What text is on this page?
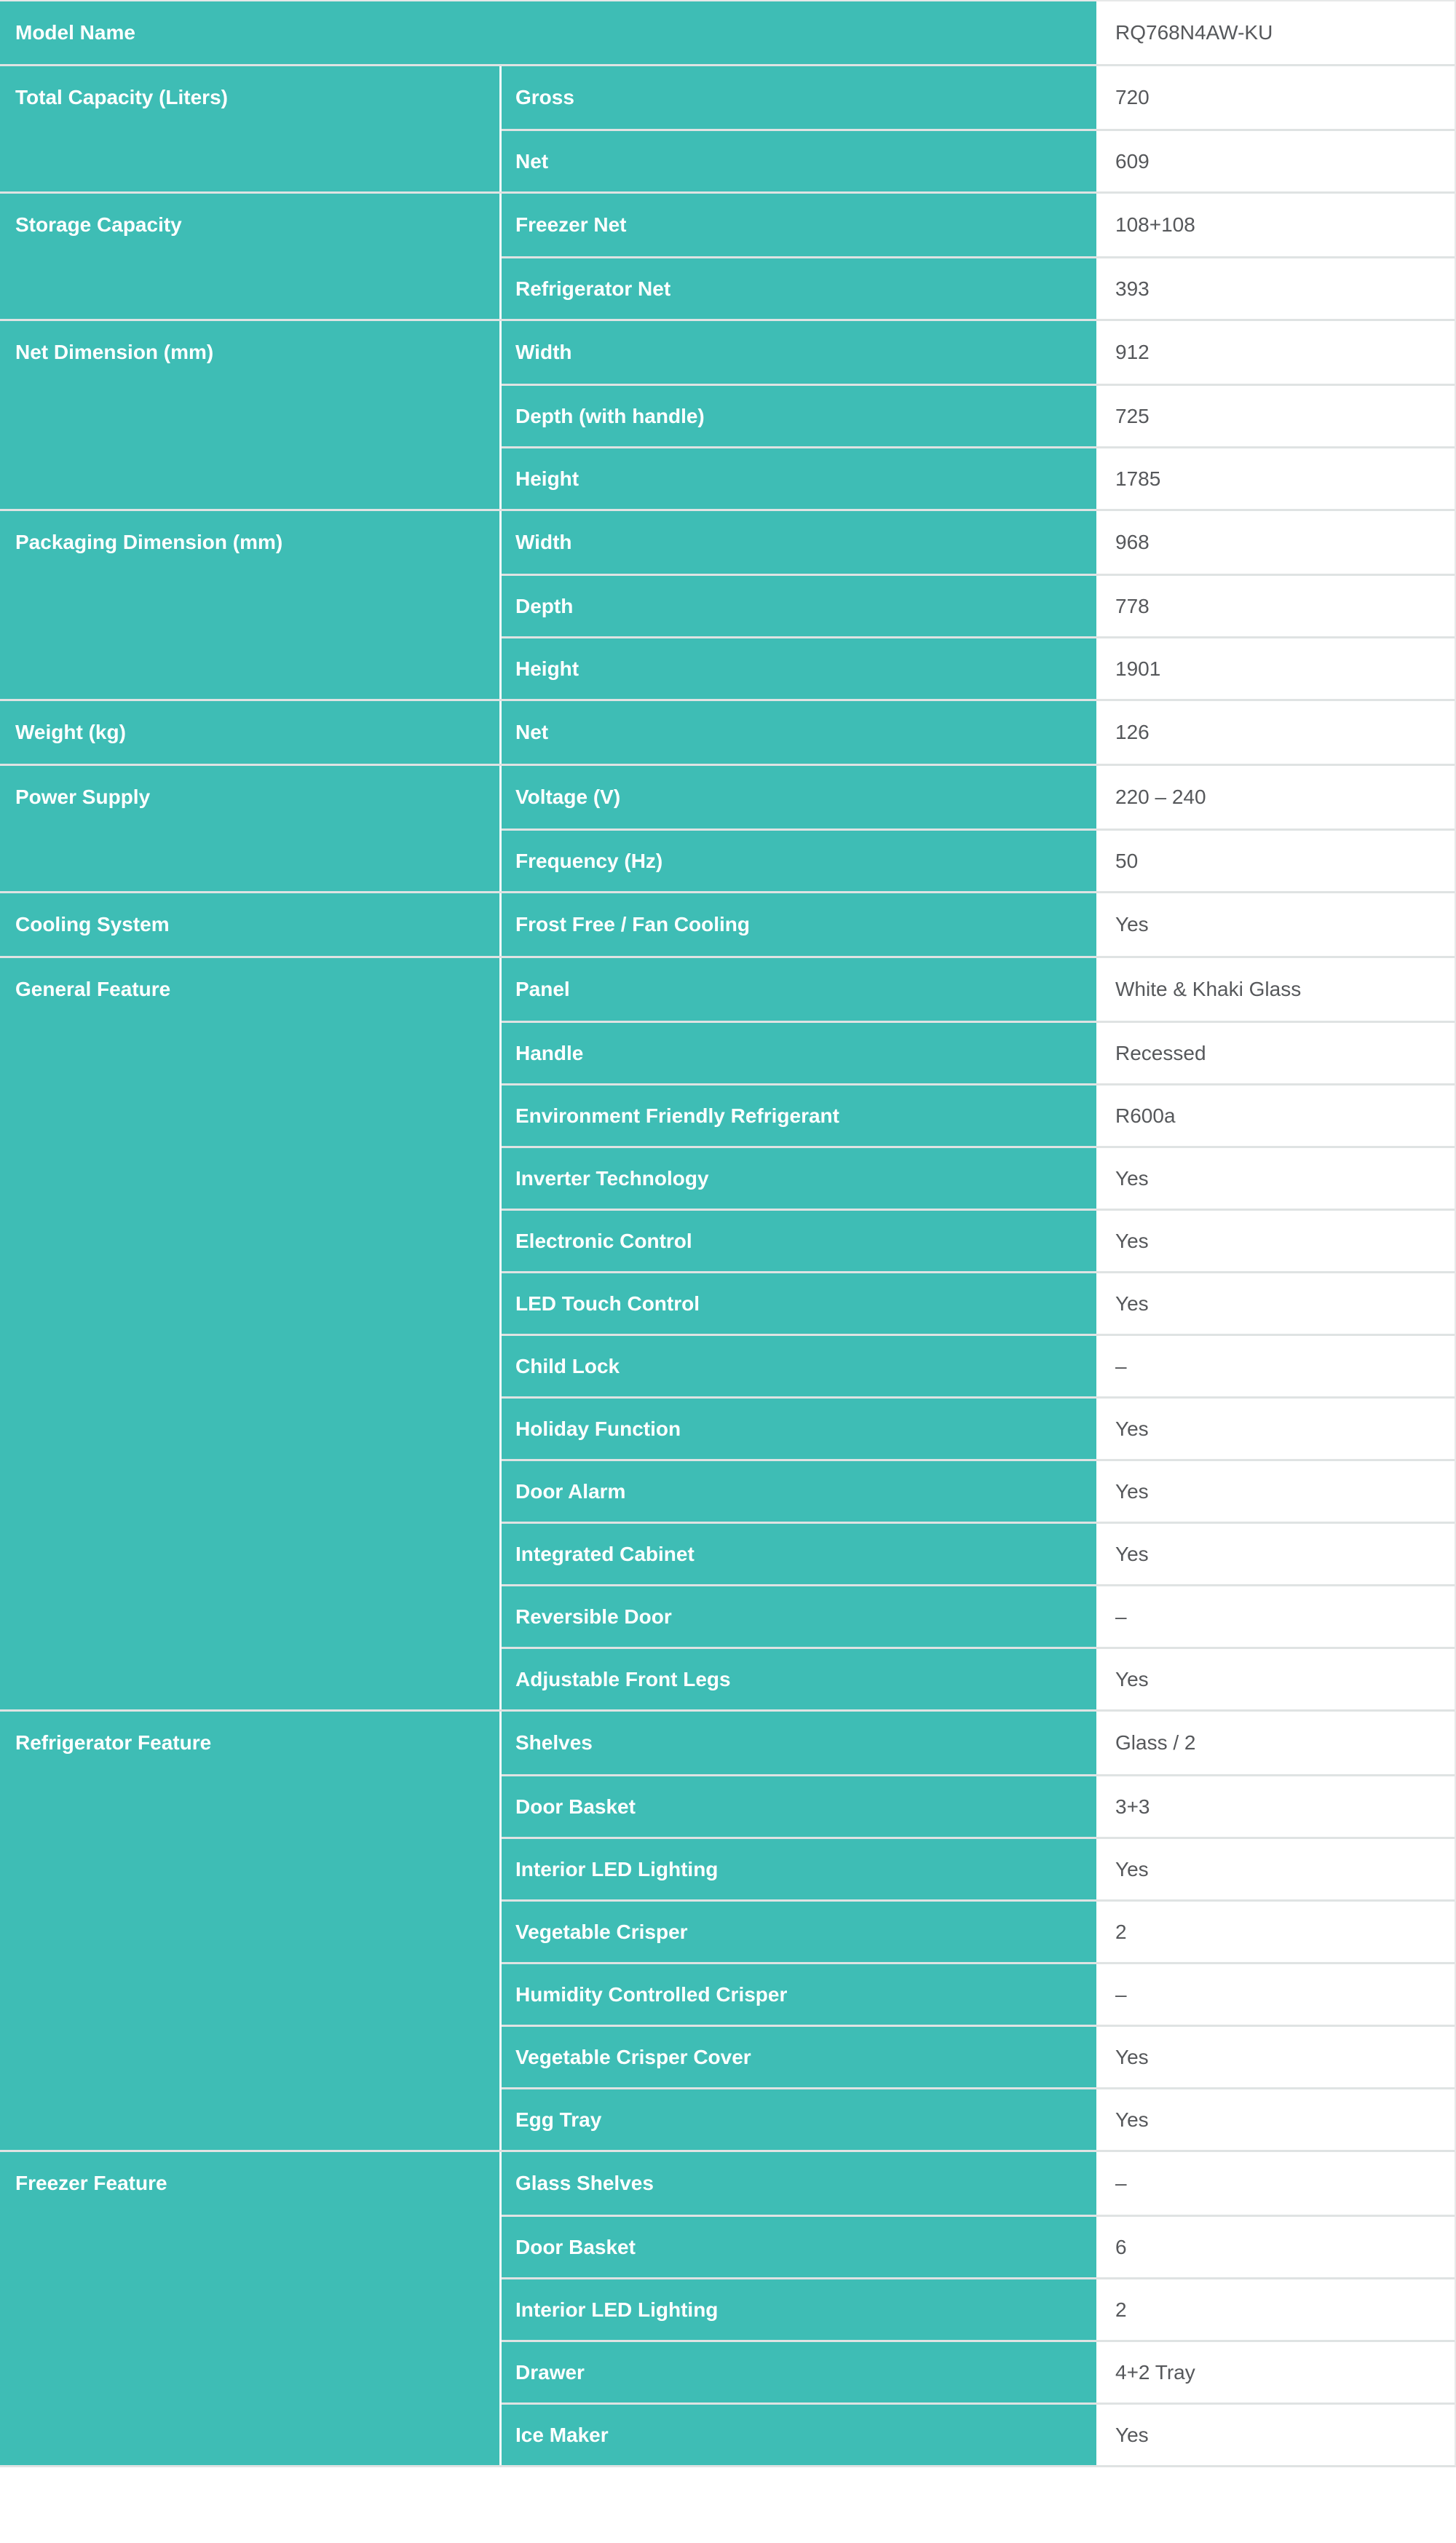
Model Name	RQ768N4AW-KU
Total Capacity (Liters)	Gross	720
Net	609
Storage Capacity	Freezer Net	108+108
Refrigerator Net	393
Net Dimension (mm)	Width	912
Depth (with handle)	725
Height	1785
Packaging Dimension (mm)	Width	968
Depth	778
Height	1901
Weight (kg)	Net	126
Power Supply	Voltage (V)	220 – 240
Frequency (Hz)	50
Cooling System	Frost Free / Fan Cooling	Yes
General Feature	Panel	White & Khaki Glass
Handle	Recessed
Environment Friendly Refrigerant	R600a
Inverter Technology	Yes
Electronic Control	Yes
LED Touch Control	Yes
Child Lock	–
Holiday Function	Yes
Door Alarm	Yes
Integrated Cabinet	Yes
Reversible Door	–
Adjustable Front Legs	Yes
Refrigerator Feature	Shelves	Glass / 2
Door Basket	3+3
Interior LED Lighting	Yes
Vegetable Crisper	2
Humidity Controlled Crisper	–
Vegetable Crisper Cover	Yes
Egg Tray	Yes
Freezer Feature	Glass Shelves	–
Door Basket	6
Interior LED Lighting	2
Drawer	4+2 Tray
Ice Maker	Yes
